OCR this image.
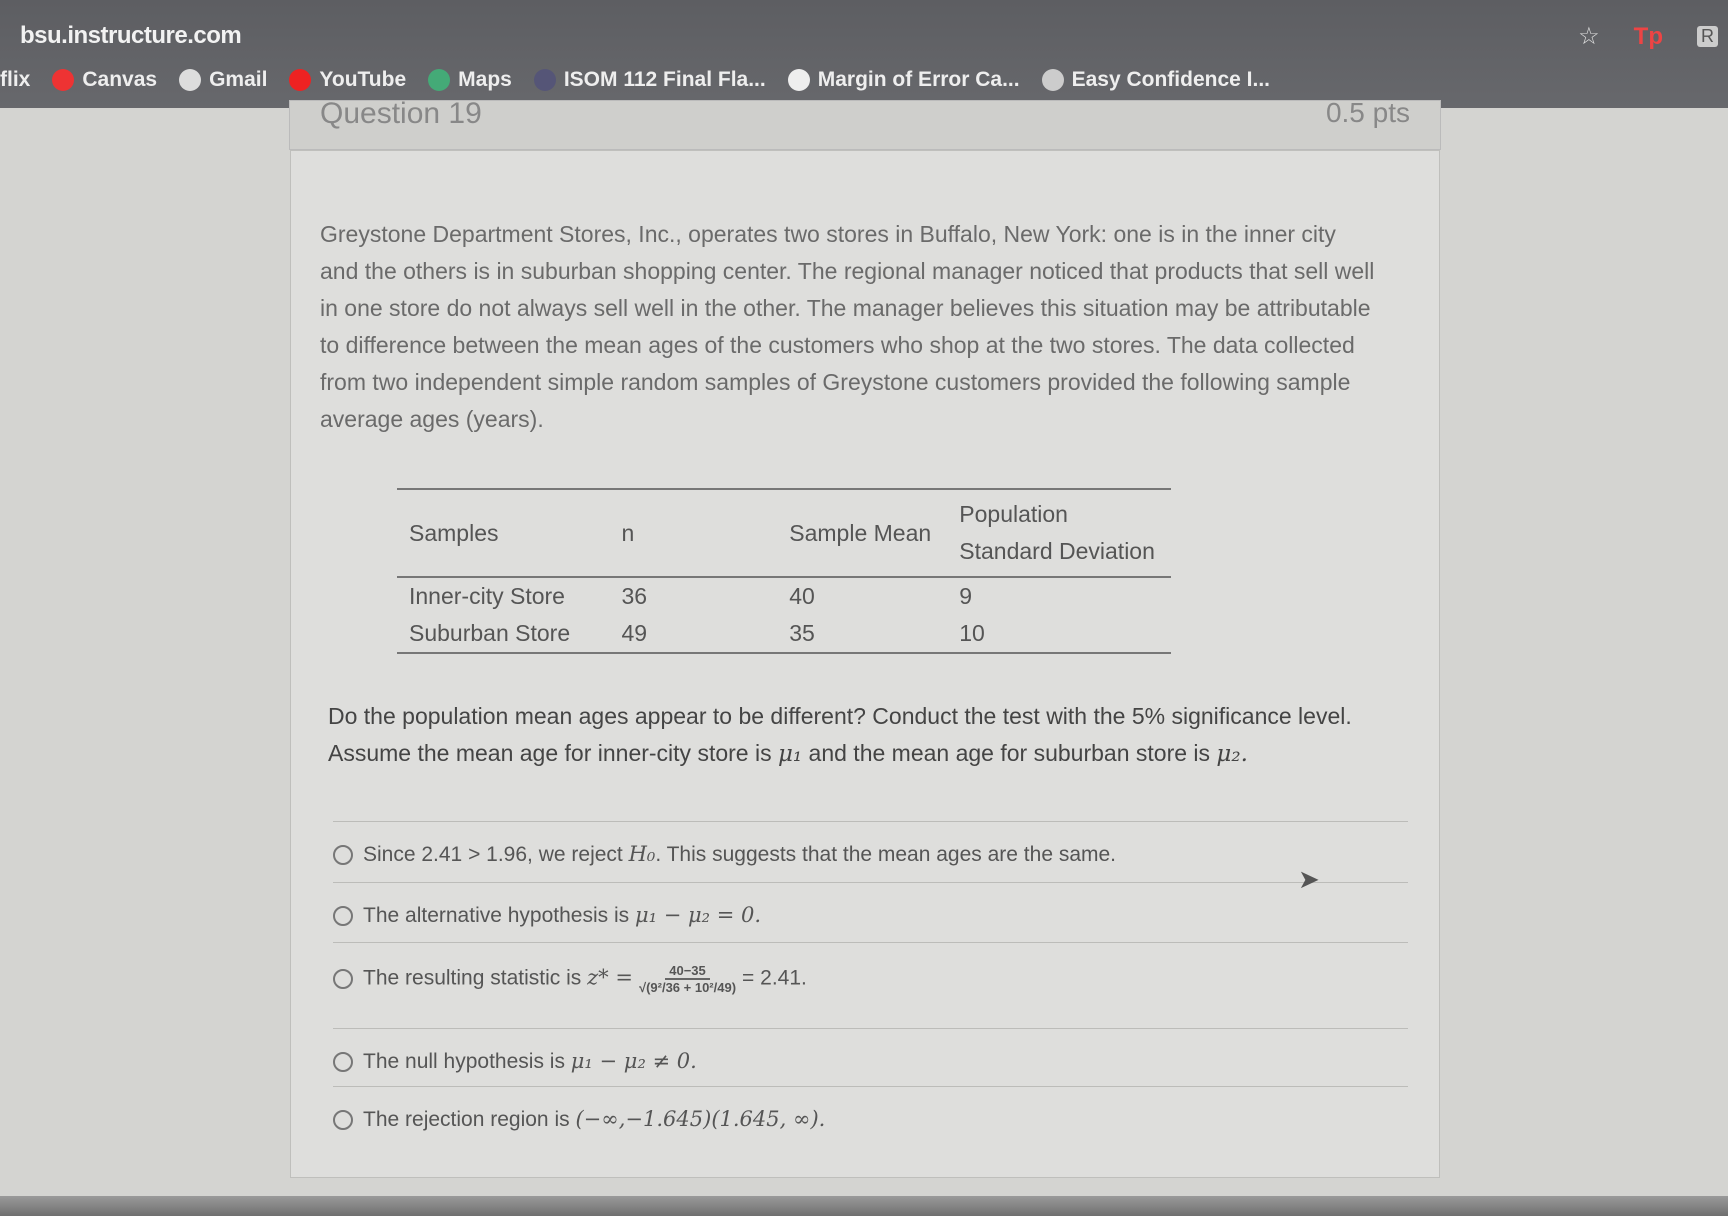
bsu.instructure.com	☆ Tp R
flix Canvas Gmail YouTube Maps ISOM 112 Final Fla... Margin of Error Ca... Easy Confidence I...
Question 19	0.5 pts
Greystone Department Stores, Inc., operates two stores in Buffalo, New York: one is in the inner city and the others is in suburban shopping center. The regional manager noticed that products that sell well in one store do not always sell well in the other. The manager believes this situation may be attributable to difference between the mean ages of the customers who shop at the two stores. The data collected from two independent simple random samples of Greystone customers provided the following sample average ages (years).
Samples	n	Sample Mean	Population Standard Deviation
Inner-city Store	36	40	9
Suburban Store	49	35	10
Do the population mean ages appear to be different? Conduct the test with the 5% significance level.
Assume the mean age for inner-city store is μ₁ and the mean age for suburban store is μ₂.
Since 2.41 > 1.96, we reject H₀. This suggests that the mean ages are the same.
The alternative hypothesis is μ₁ − μ₂ = 0.
The resulting statistic is $z* = \frac{40-35}{\text{√(9²/36 + 10²/49)}} = 2.41$.
The null hypothesis is μ₁ − μ₂ ≠ 0.
The rejection region is (−∞,−1.645)(1.645, ∞).
➤
